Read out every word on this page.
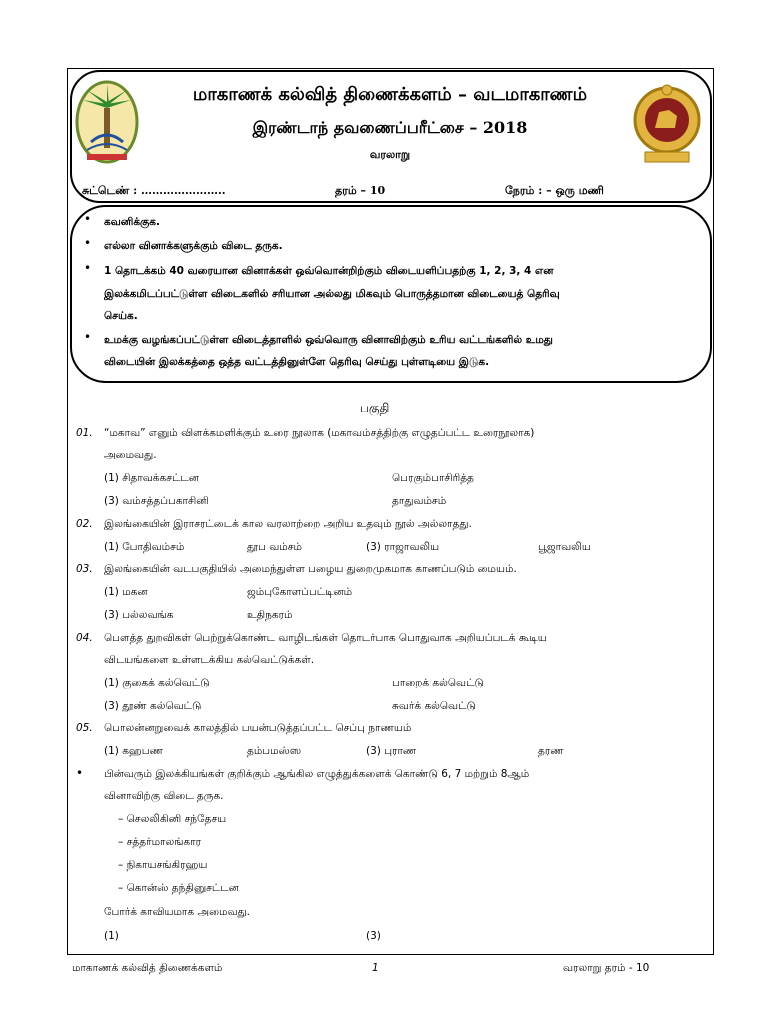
மாகாணக் கல்வித் திணைக்களம் – வடமாகாணம்
இரண்டாந் தவணைப்பரீட்சை – 2018
வரலாறு
சுட்டெண் : …………………..	தரம் – 10	நேரம் : – ஒரு மணி
• கவனிக்குக.
• எல்லா வினாக்களுக்கும் விடை தருக.
• 1 தொடக்கம் 40 வரையான வினாக்கள் ஒவ்வொன்றிற்கும் விடையளிப்பதற்கு 1, 2, 3, 4 என
இலக்கமிடப்பட்டுள்ள விடைகளில் சரியான அல்லது மிகவும் பொருத்தமான விடையைத் தெரிவு
செய்க.
• உமக்கு வழங்கப்பட்டுள்ள விடைத்தாளில் ஒவ்வொரு வினாவிற்கும் உரிய வட்டங்களில் உமது
விடையின் இலக்கத்தை ஒத்த வட்டத்தினுள்ளே தெரிவு செய்து புள்ளடியை இடுக.
பகுதி
01. “மகாவ” எனும் விளக்கமளிக்கும் உரை நூலாக (மகாவம்சத்திற்கு எழுதப்பட்ட உரைநூலாக)
அமைவது.
(1) சிதாவக்கசட்டன	பெரகும்பாசிரித்த
(3) வம்சத்தப்பகாசினி	தாதுவம்சம்
02. இலங்கையின் இராசரட்டைக் கால வரலாற்றை அறிய உதவும் நூல் அல்லாதது.
(1) போதிவம்சம்	தூப வம்சம்	(3) ராஜாவலிய	பூஜாவலிய
03. இலங்கையின் வடபகுதியில் அமைந்துள்ள பழைய துறைமுகமாக காணப்படும் மையம்.
(1) மகன	ஜம்புகோளப்பட்டினம்
(3) பல்லவங்க	உதிநகரம்
04. பௌத்த துறவிகள் பெற்றுக்கொண்ட வாழிடங்கள் தொடர்பாக பொதுவாக அறியப்படக் கூடிய
விடயங்களை உள்ளடக்கிய கல்வெட்டுக்கள்.
(1) குகைக் கல்வெட்டு	பாறைக் கல்வெட்டு
(3) தூண் கல்வெட்டு	சுவர்க் கல்வெட்டு
05. பொலன்னறுவைக் காலத்தில் பயன்படுத்தப்பட்ட செப்பு நாணயம்
(1) கஹபண	தம்பமஸ்ஸ	(3) புராண	தரண
• பின்வரும் இலக்கியங்கள் குறிக்கும் ஆங்கில எழுத்துக்களைக் கொண்டு 6, 7 மற்றும் 8ஆம்
வினாவிற்கு விடை தருக.
– செலலிகினி சந்தேசய
– சத்தர்மாலங்கார
– நிகாயசங்கிரஹய
– கொன்ஸ் தந்தினுசட்டன
போர்க் காவியமாக அமைவது.
(1)	(3)
மாகாணக் கல்வித் திணைக்களம்	1	வரலாறு தரம் - 10
